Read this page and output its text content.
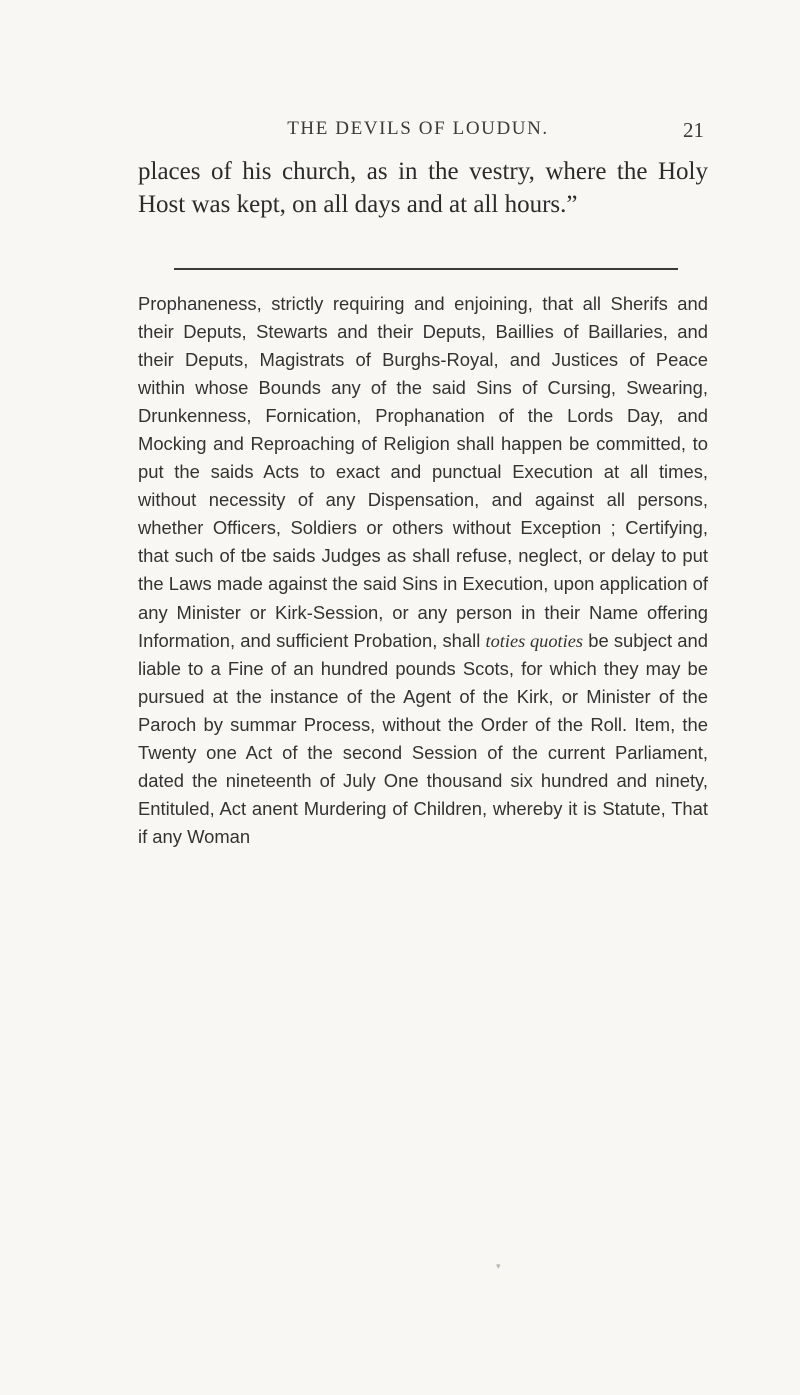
THE DEVILS OF LOUDUN.	21

places of his church, as in the vestry, where the Holy Host was kept, on all days and at all hours.”

Prophaneness, strictly requiring and enjoining, that all Sherifs and their Deputs, Stewarts and their Deputs, Baillies of Baillaries, and their Deputs, Magistrats of Burghs-Royal, and Justices of Peace within whose Bounds any of the said Sins of Cursing, Swearing, Drunkenness, Fornication, Prophanation of the Lords Day, and Mocking and Reproaching of Religion shall happen be committed, to put the saids Acts to exact and punctual Execution at all times, without necessity of any Dispensation, and against all persons, whether Officers, Soldiers or others without Exception ; Certifying, that such of tbe saids Judges as shall refuse, neglect, or delay to put the Laws made against the said Sins in Execution, upon application of any Minister or Kirk-Session, or any person in their Name offering Information, and sufficient Probation, shall toties quoties be subject and liable to a Fine of an hundred pounds Scots, for which they may be pursued at the instance of the Agent of the Kirk, or Minister of the Paroch by summar Process, without the Order of the Roll. Item, the Twenty one Act of the second Session of the current Parliament, dated the nineteenth of July One thousand six hundred and ninety, Entituled, Act anent Murdering of Children, whereby it is Statute, That if any Woman

▾
